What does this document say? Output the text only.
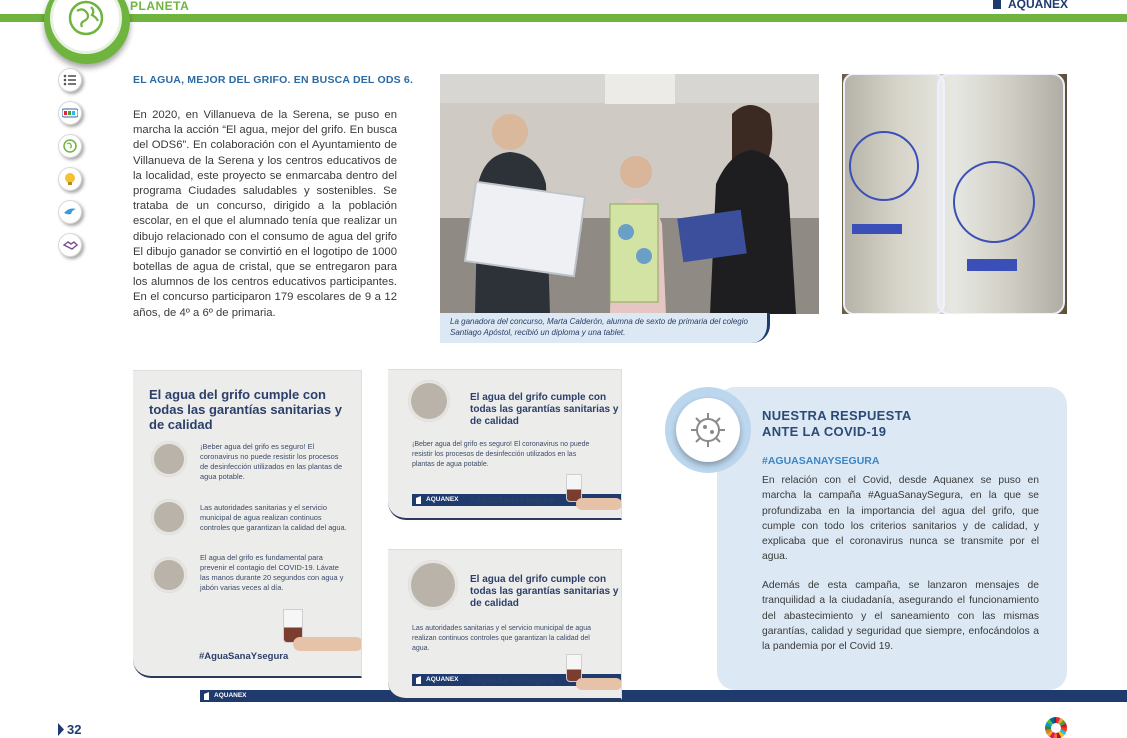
PLANETA	AQUANEX
EL AGUA, MEJOR DEL GRIFO. EN BUSCA DEL ODS 6.
En 2020, en Villanueva de la Serena, se puso en marcha la acción “El agua, mejor del grifo. En busca del ODS6”. En colaboración con el Ayuntamiento de Villanueva de la Serena y los centros educativos de la localidad, este proyecto se enmarcaba dentro del programa Ciudades saludables y sostenibles. Se trataba de un concurso, dirigido a la población escolar, en el que el alumnado tenía que realizar un dibujo relacionado con el consumo de agua del grifo El dibujo ganador se convirtió en el logotipo de 1000 botellas de agua de cristal, que se entregaron para los alumnos de los centros educativos participantes. En el concurso participaron 179 escolares de 9 a 12 años, de 4º a 6º de primaria.
La ganadora del concurso, Marta Calderón, alumna de sexto de primaria del colegio Santiago Apóstol, recibió un diploma y una tablet.
El agua del grifo cumple con todas las garantías sanitarias y de calidad
¡Beber agua del grifo es seguro! El coronavirus no puede resistir los procesos de desinfección utilizados en las plantas de agua potable.
Las autoridades sanitarias y el servicio municipal de agua realizan continuos controles que garantizan la calidad del agua.
El agua del grifo es fundamental para prevenir el contagio del COVID-19. Lávate las manos durante 20 segundos con agua y jabón varias veces al día.
#AguaSanaYsegura
AQUANEX
El agua del grifo cumple con todas las garantías sanitarias y de calidad
¡Beber agua del grifo es seguro! El coronavirus no puede resistir los procesos de desinfección utilizados en las plantas de agua potable.
AQUANEX	#AguaSanaYsegura
El agua del grifo cumple con todas las garantías sanitarias y de calidad
Las autoridades sanitarias y el servicio municipal de agua realizan continuos controles que garantizan la calidad del agua.
AQUANEX	#AguaSanaYsegura
NUESTRA RESPUESTA
ANTE LA COVID-19
#AGUASANAYSEGURA
En relación con el Covid, desde Aquanex se puso en marcha la campaña #AguaSanaySegura, en la que se profundizaba en la importancia del agua del grifo, que cumple con todo los criterios sanitarios y de calidad, y explicaba que el coronavirus nunca se transmite por el agua.
Además de esta campaña, se lanzaron mensajes de tranquilidad a la ciudadanía, asegurando el funcionamiento del abastecimiento y el saneamiento con las mismas garantías, calidad y seguridad que siempre, enfocándolos a la pandemia por el Covid 19.
32
